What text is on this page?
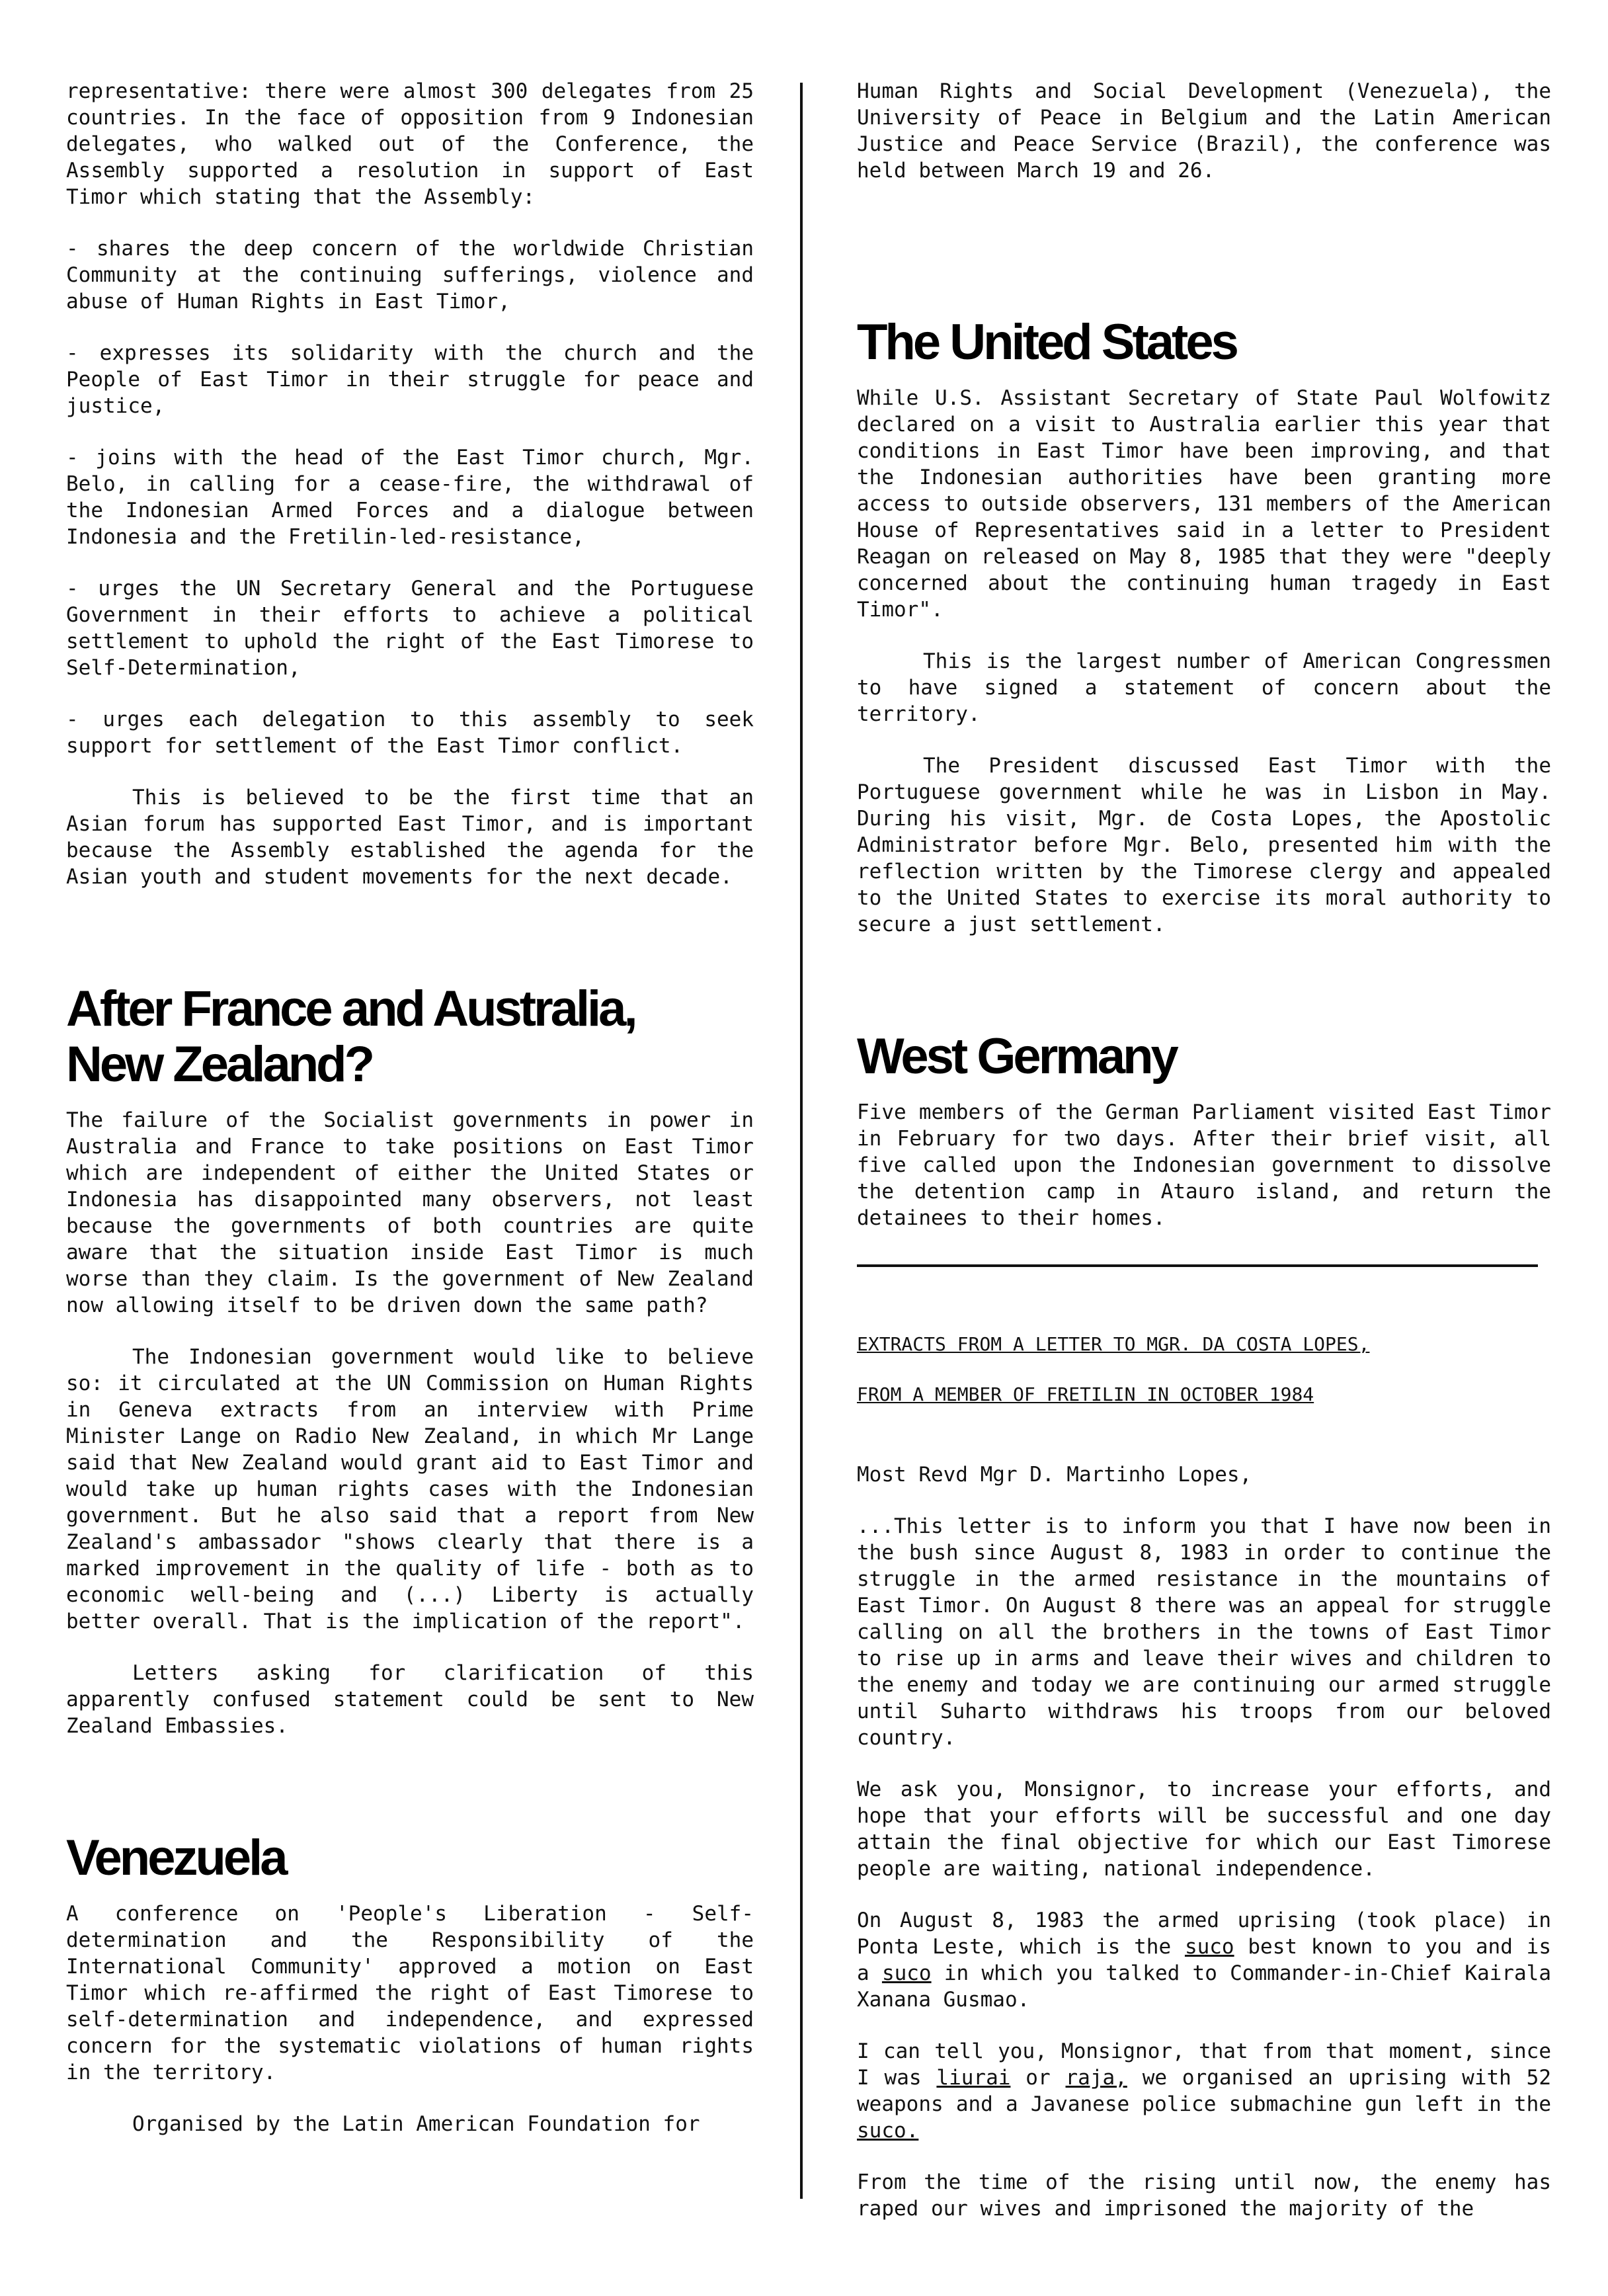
representative: there were almost 300 delegates from 25 countries. In the face of opposition from 9 Indonesian delegates, who walked out of the Conference, the Assembly supported a resolution in support of East Timor which stating that the Assembly:

- shares the deep concern of the worldwide Christian Community at the continuing sufferings, violence and abuse of Human Rights in East Timor,

- expresses its solidarity with the church and the People of East Timor in their struggle for peace and justice,

- joins with the head of the East Timor church, Mgr. Belo, in calling for a cease-fire, the withdrawal of the Indonesian Armed Forces and a dialogue between Indonesia and the Fretilin-led-resistance,

- urges the UN Secretary General and the Portuguese Government in their efforts to achieve a political settlement to uphold the right of the East Timorese to Self-Determination,

- urges each delegation to this assembly to seek support for settlement of the East Timor conflict.

This is believed to be the first time that an Asian forum has supported East Timor, and is important because the Assembly established the agenda for the Asian youth and student movements for the next decade.

After France and Australia,
New Zealand?

The failure of the Socialist governments in power in Australia and France to take positions on East Timor which are independent of either the United States or Indonesia has disappointed many observers, not least because the governments of both countries are quite aware that the situation inside East Timor is much worse than they claim. Is the government of New Zealand now allowing itself to be driven down the same path?

The Indonesian government would like to believe so: it circulated at the UN Commission on Human Rights in Geneva extracts from an interview with Prime Minister Lange on Radio New Zealand, in which Mr Lange said that New Zealand would grant aid to East Timor and would take up human rights cases with the Indonesian government. But he also said that a report from New Zealand's ambassador "shows clearly that there is a marked improvement in the quality of life - both as to economic well-being and (...) Liberty is actually better overall. That is the implication of the report".

Letters asking for clarification of this apparently confused statement could be sent to New Zealand Embassies.

Venezuela

A conference on 'People's Liberation - Self-determination and the Responsibility of the International Community' approved a motion on East Timor which re-affirmed the right of East Timorese to self-determination and independence, and expressed concern for the systematic violations of human rights in the territory.

Organised by the Latin American Foundation for

Human Rights and Social Development (Venezuela), the University of Peace in Belgium and the Latin American Justice and Peace Service (Brazil), the conference was held between March 19 and 26.

The United States

While U.S. Assistant Secretary of State Paul Wolfowitz declared on a visit to Australia earlier this year that conditions in East Timor have been improving, and that the Indonesian authorities have been granting more access to outside observers, 131 members of the American House of Representatives said in a letter to President Reagan on released on May 8, 1985 that they were "deeply concerned about the continuing human tragedy in East Timor".

This is the largest number of American Congressmen to have signed a statement of concern about the territory.

The President discussed East Timor with the Portuguese government while he was in Lisbon in May. During his visit, Mgr. de Costa Lopes, the Apostolic Administrator before Mgr. Belo, presented him with the reflection written by the Timorese clergy and appealed to the United States to exercise its moral authority to secure a just settlement.

West Germany

Five members of the German Parliament visited East Timor in February for two days. After their brief visit, all five called upon the Indonesian government to dissolve the detention camp in Atauro island, and return the detainees to their homes.

EXTRACTS FROM A LETTER TO MGR. DA COSTA LOPES,

FROM A MEMBER OF FRETILIN IN OCTOBER 1984

Most Revd Mgr D. Martinho Lopes,

...This letter is to inform you that I have now been in the bush since August 8, 1983 in order to continue the struggle in the armed resistance in the mountains of East Timor. On August 8 there was an appeal for struggle calling on all the brothers in the towns of East Timor to rise up in arms and leave their wives and children to the enemy and today we are continuing our armed struggle until Suharto withdraws his troops from our beloved country.

We ask you, Monsignor, to increase your efforts, and hope that your efforts will be successful and one day attain the final objective for which our East Timorese people are waiting, national independence.

On August 8, 1983 the armed uprising (took place) in Ponta Leste, which is the suco best known to you and is a suco in which you talked to Commander-in-Chief Kairala Xanana Gusmao.

I can tell you, Monsignor, that from that moment, since I was liurai or raja, we organised an uprising with 52 weapons and a Javanese police submachine gun left in the suco.

From the time of the rising until now, the enemy has raped our wives and imprisoned the majority of the
